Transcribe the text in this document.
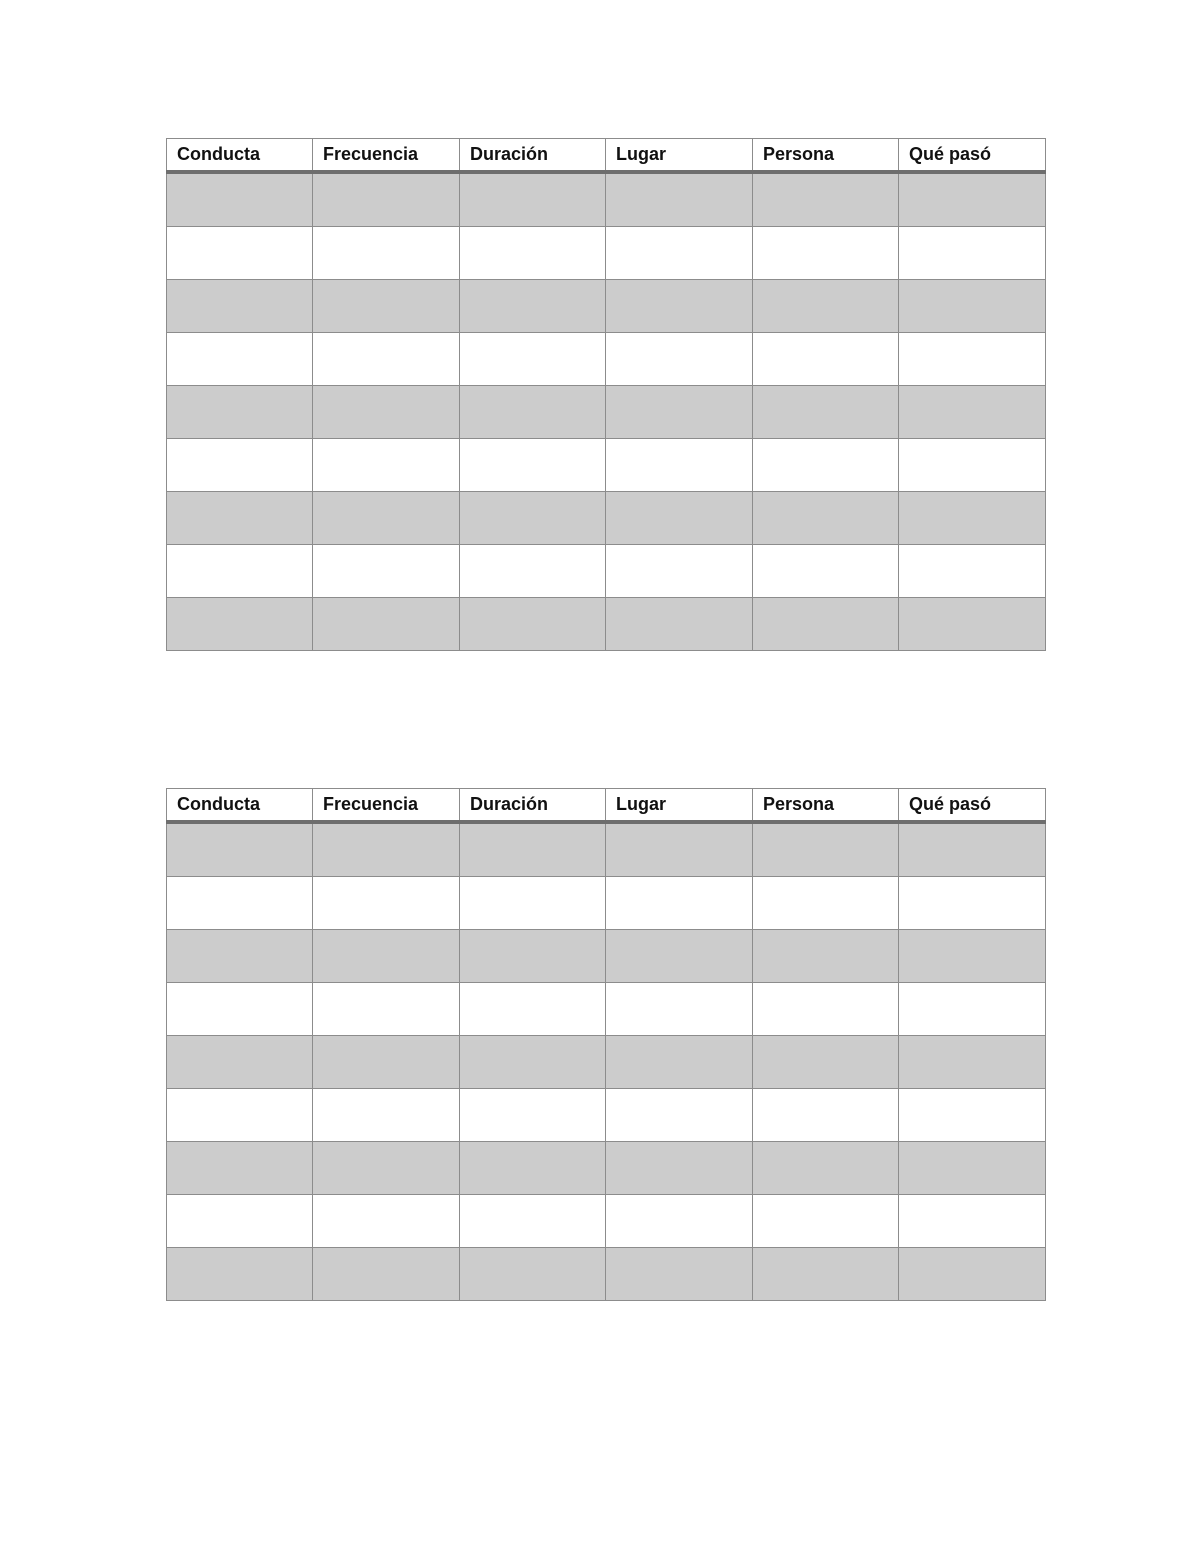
Conducta	Frecuencia	Duración	Lugar	Persona	Qué pasó

Conducta	Frecuencia	Duración	Lugar	Persona	Qué pasó
